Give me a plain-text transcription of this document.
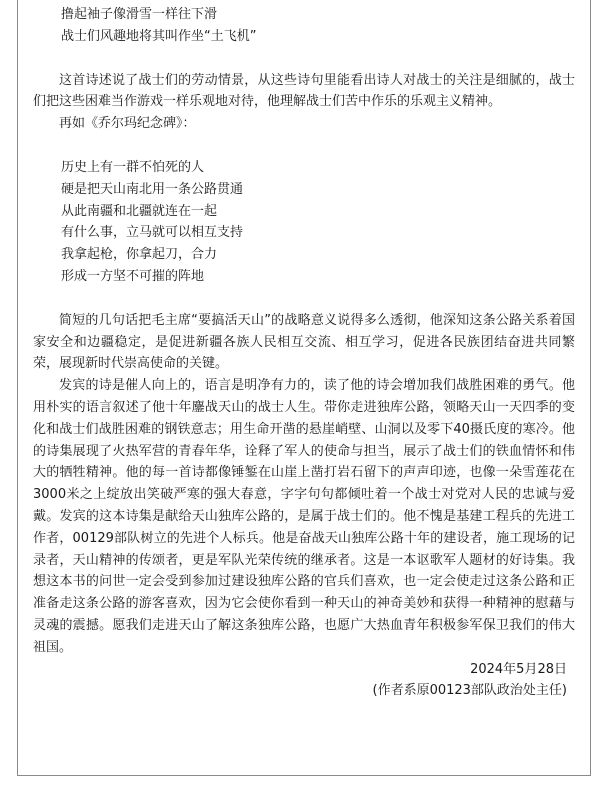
撸起袖子像滑雪一样往下滑
战士们风趣地将其叫作坐“土飞机”
这首诗述说了战士们的劳动情景，从这些诗句里能看出诗人对战士的关注是细腻的，战士们把这些困难当作游戏一样乐观地对待，他理解战士们苦中作乐的乐观主义精神。
再如《乔尔玛纪念碑》：
历史上有一群不怕死的人
硬是把天山南北用一条公路贯通
从此南疆和北疆就连在一起
有什么事，立马就可以相互支持
我拿起枪，你拿起刀，合力
形成一方坚不可摧的阵地
简短的几句话把毛主席“要搞活天山”的战略意义说得多么透彻，他深知这条公路关系着国家安全和边疆稳定，是促进新疆各族人民相互交流、相互学习，促进各民族团结奋进共同繁荣，展现新时代崇高使命的关键。
发宾的诗是催人向上的，语言是明净有力的，读了他的诗会增加我们战胜困难的勇气。他用朴实的语言叙述了他十年鏖战天山的战士人生。带你走进独库公路，领略天山一天四季的变化和战士们战胜困难的钢铁意志；用生命开凿的悬崖峭壁、山洞以及零下40摄氏度的寒冷。他的诗集展现了火热军营的青春年华，诠释了军人的使命与担当，展示了战士们的铁血情怀和伟大的牺牲精神。他的每一首诗都像锤錾在山崖上凿打岩石留下的声声印迹，也像一朵雪莲花在3000米之上绽放出笑破严寒的强大春意，字字句句都倾吐着一个战士对党对人民的忠诚与爱戴。发宾的这本诗集是献给天山独库公路的，是属于战士们的。他不愧是基建工程兵的先进工作者，00129部队树立的先进个人标兵。他是奋战天山独库公路十年的建设者，施工现场的记录者，天山精神的传颂者，更是军队光荣传统的继承者。这是一本讴歌军人题材的好诗集。我想这本书的问世一定会受到参加过建设独库公路的官兵们喜欢，也一定会使走过这条公路和正准备走这条公路的游客喜欢，因为它会使你看到一种天山的神奇美妙和获得一种精神的慰藉与灵魂的震撼。愿我们走进天山了解这条独库公路，也愿广大热血青年积极参军保卫我们的伟大祖国。
2024年5月28日
(作者系原00123部队政治处主任)
